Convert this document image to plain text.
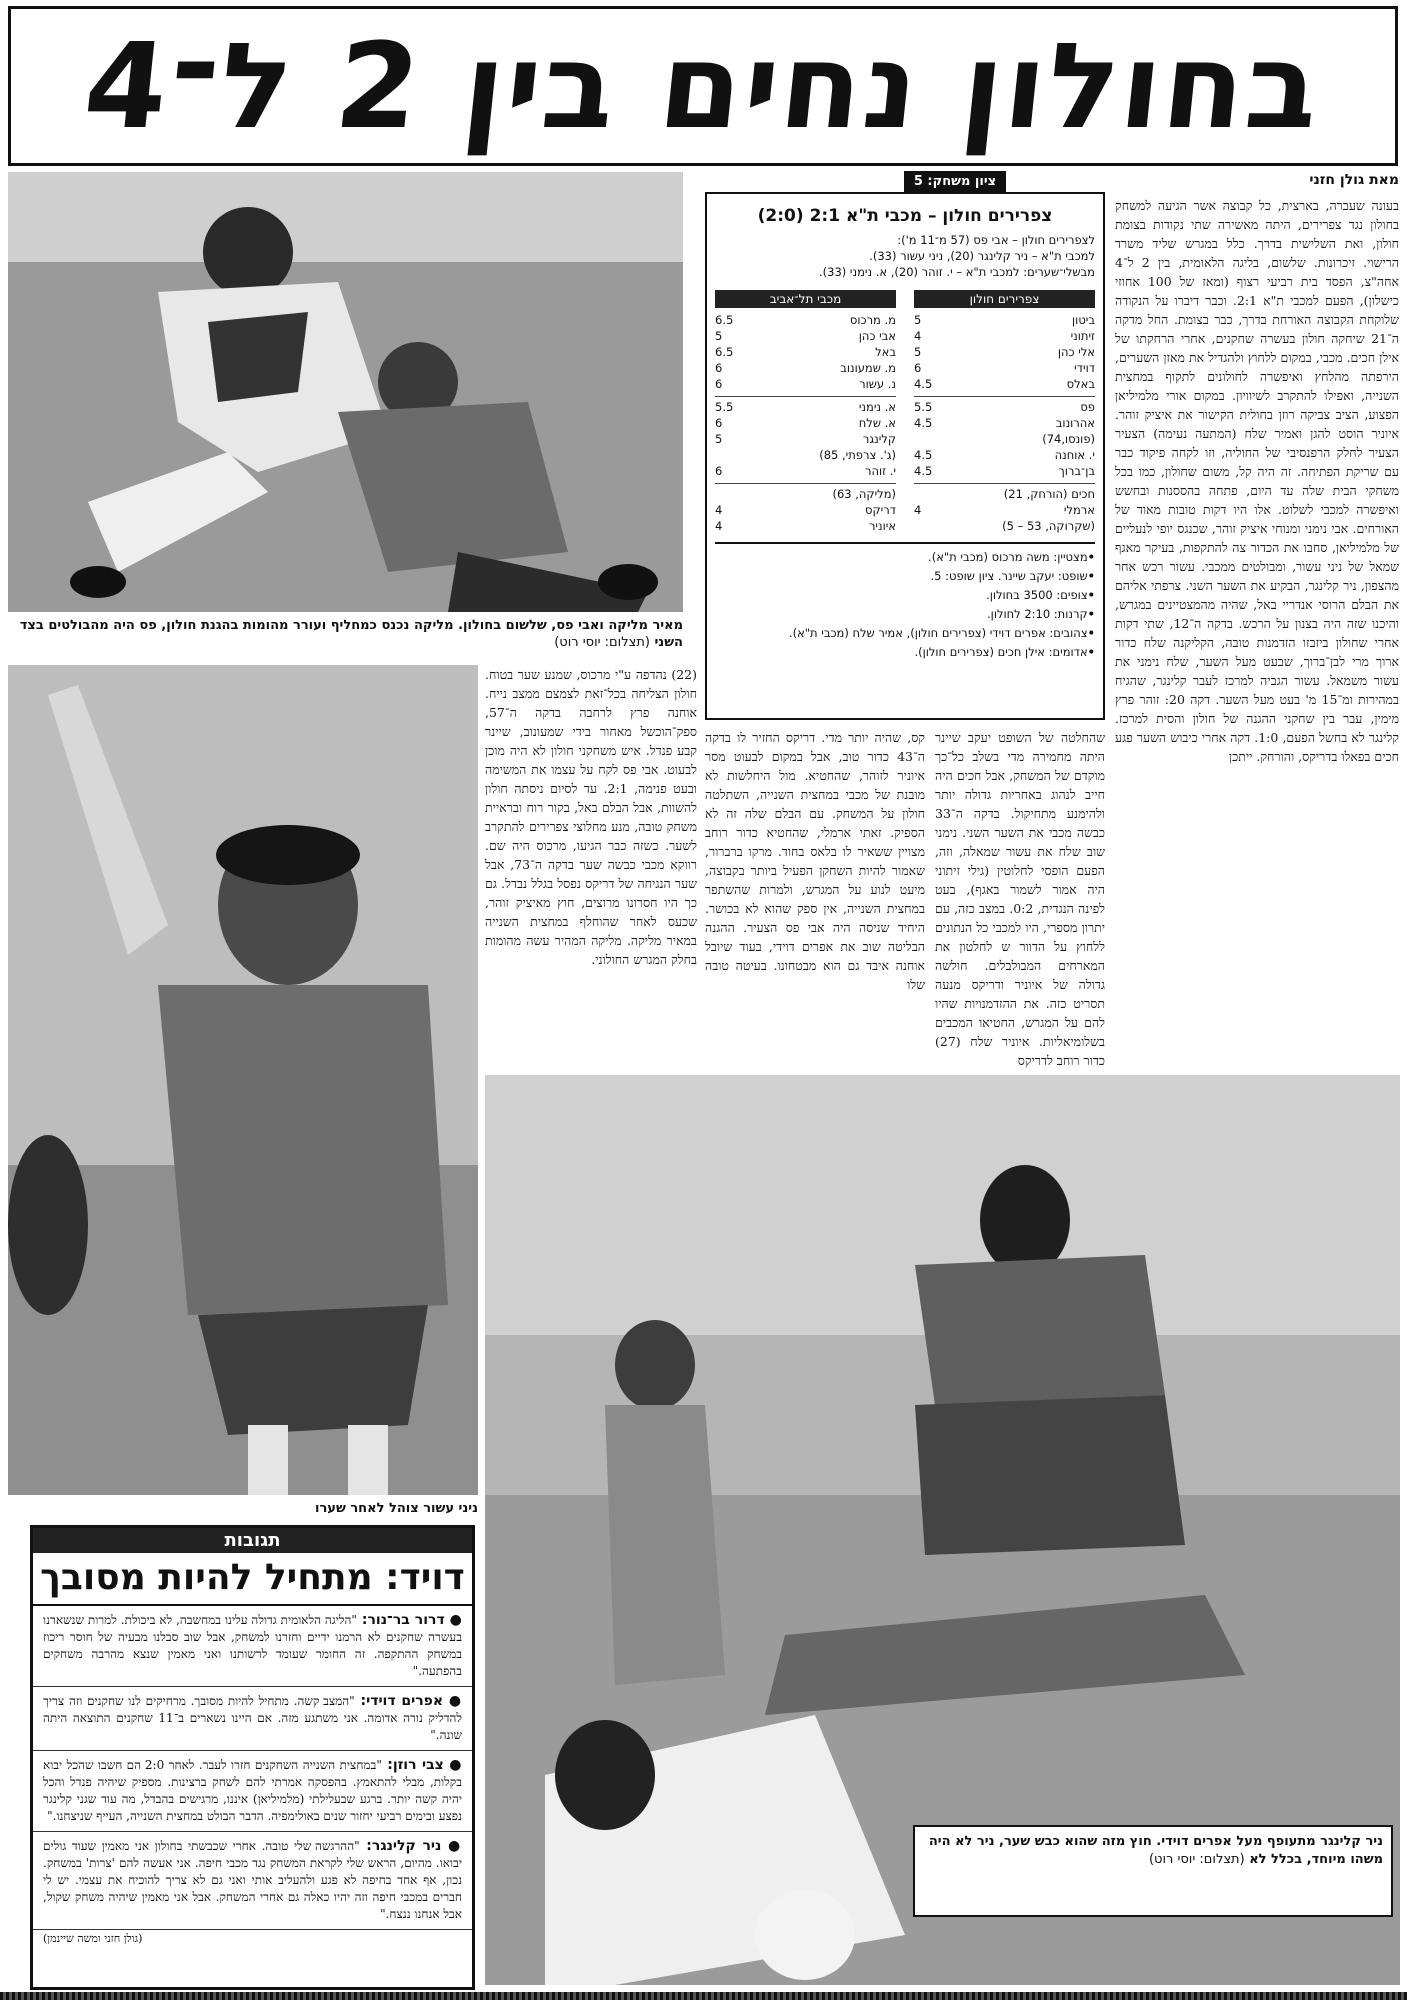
בחולון נחים בין 2 ל־4
מאיר מליקה ואבי פס, שלשום בחולון. מליקה נכנס כמחליף ועורר מהומות בהגנת חולון, פס היה מהבולטים בצד השני (תצלום: יוסי רוט)
ציון משחק: 5
צפרירים חולון – מכבי ת"א 2:1 (2:0)
לצפרירים חולון – אבי פס (57 מ־11 מ'):
למכבי ת"א – ניר קלינגר (20), ניני עשור (33).
מבשלי־שערים: למכבי ת"א – י. זוהר (20), א. נימני (33).
צפרירים חולון
ביטון
5
זיתוני
4
אלי כהן
5
דוידי
6
באלס
4.5
פס
5.5
אהרונוב
4.5
(פונסו,74)
י. אוחנה
4.5
בן־ברוך
4.5
חכים (הורחק, 21)
ארמלי
4
(שקרוקה, 53 – 5)
מכבי תל־אביב
מ. מרכוס
6.5
אבי כהן
5
באל
6.5
מ. שמעונוב
6
נ. עשור
6
א. נימני
5.5
א. שלח
6
קלינגר
5
(ג'. צרפתי, 85)
י. זוהר
6
(מליקה, 63)
דריקס
4
איוניר
4
• מצטיין: משה מרכוס (מכבי ת"א).
• שופט: יעקב שיינר. ציון שופט: 5.
• צופים: 3500 בחולון.
• קרנות: 2:10 לחולון.
• צהובים: אפרים דוידי (צפרירים חולון), אמיר שלח (מכבי ת"א).
• אדומים: אילן חכים (צפרירים חולון).
מאת גולן חזני

בעונה שעברה, בארצית, כל קבוצה אשר הגיעה למשחק בחולון נגד צפרירים, היתה מאשירה שתי נקודות בצומת חולון, ואת השלישית בדרך. כלל במגרש שליד משרד הרישוי. זיכרונות. שלשום, בליגה הלאומית, בין 2 ל־4 אחה"צ, הפסד בית רביעי רצוף (ומאז של 100 אחוזי כישלון), הפעם למכבי ת"א 2:1. וכבר דיברו על הנקודה שלוקחת הקבוצה האורחת בדרך, כבר בצומת. החל מדקה ה־21 שיחקה חולון בעשרה שחקנים, אחרי הרחקתו של אילן חכים. מכבי, במקום ללחוץ ולהגדיל את מאזן השערים, הירפתה מהלחץ ואיפשרה לחולונים לתקוף במחצית השנייה, ואפילו להתקרב לשיוויון. במקום אורי מלמיליאן הפצוע, הציב צביקה רוזן בחולית הקישור את איציק זוהר. איוניר הוסט להגן ואמיר שלח (המתעה נעימה) הצעיר הצעיר לחלק הרפנסיבי של החוליה, וזו לקחה פיקוד כבר עם שריקת הפתיחה. זה היה קל, משום שחולון, כמו בכל משחקי הבית שלה עד היום, פתחה בהססנות ובחשש ואיפשרה למכבי לשלוט. אלו היו דקות טובות מאוד של האורחים. אבי נימני ומנוחי איציק זוהר, שכנגס יופי לנעליים של מלמיליאן, סחבו את הכדור צה להתקפות, בעיקר מאגף שמאל של ניני עשור, ומבולטים ממכבי. עשור רכש אחר מהצפון, ניר קלינגר, הבקיע את השער השני. צרפתי אליהם את הבלם הרוסי אנדריי באל, שהיה מהמצטיינים במגרש, והיכנו שזה היה בצנון על הרכש. בדקה ה־12, שתי דקות אחרי שחולון ביזבזו הזדמנות טובה, הקליקנה שלח כדור ארוך מרי לבן־ברוך, שבעט מעל השער, שלח נימני את עשור משמאל. עשור הגביה למרכז לעבר קלינגר, שהגיח במהירות ומ־15 מ' בעט מעל השער. דקה 20: זוהר פרץ מימין, עבר בין שחקני ההגנה של חולון והסית למרכז. קלינגר לא בחשל הפעם, 1:0. דקה אחרי כיבוש השער פגע חכים בפאלו בדריקס, והורחק. ייתכן

שהחלטה של השופט יעקב שיינר היתה מחמירה מדי בשלב כל־כך מוקדם של המשחק, אבל חכים היה חייב לנהוג באחריות גדולה יותר ולהימנע מתחיקול. בדקה ה־33 כבשה מכבי את השער השני. נימני שוב שלח את עשור שמאלה, וזה, הפעם הופסי לחלוטין (גילי זיתוני היה אמור לשמור באגף), בעט לפינה הנגדית, 0:2. במצב כזה, עם יתרון מספרי, היו למכבי כל הנתונים ללחוץ על הדוור ש לחלטון את המארחים המבולבלים. חולשה גדולה של איוניר ודריקס מנעה תסריט כזה. את ההזדמנויות שהיו להם על המגרש, החטיאו המכבים בשלומיאליות. איוניר שלח (27) כדור רוחב לדריקס

קס, שהיה יותר מדי. דריקס החזיר לו בדקה ה־43 כדור טוב, אבל במקום לבעוט מסר איוניר לזוהר, שהחטיא. מול היחלשות לא מובנת של מכבי במחצית השנייה, השתלטה חולון על המשחק. עם הבלם שלה זה לא הספיק. זאתי ארמלי, שהחטיא כדור רוחב מצויין ששאיר לו בלאס בחוד. מרקו ברברור, שאמור להיות השחקן הפעיל ביותר בקבוצה, מיעט לנוע על המגרש, ולמרות שהשתפר במחצית השנייה, אין ספק שהוא לא בכושר. היחיד שניסה היה אבי פס הצעיר. ההגנה הבליטה שוב את אפרים דוידי, בעוד שיובל אוחנה איבד גם הוא מבטחונו. בעיטה טובה שלו

(22) נהדפה ע"י מרכוס, שמנע שער בטוח. חולון הצליחה בכל־זאת לצמצם ממצב נייח. אוחנה פרץ לרחבה בדקה ה־57, ספק־הוכשל מאחור בידי שמעונוב, שיינר קבע פנדל. איש משחקני חולון לא היה מוכן לבעוט. אבי פס לקח על עצמו את המשימה ובעט פנימה, 2:1. עד לסיום ניסתה חולון להשוות, אבל הבלם באל, בקור רוח ובראיית משחק טובה, מנע מחלוצי צפרירים להתקרב לשער. כשזה כבר הגיעו, מרכוס היה שם. רווקא מכבי כבשה שער בדקה ה־73, אבל שער הנגיחה של דריקס נפסל בגלל נבדל. גם כך היו חסרונו מרוצים, חוץ מאיציק זוהר, שכעס לאחר שהוחלף במחצית השנייה במאיר מליקה. מליקה המהיר עשה מהומות בחלק המגרש החולוני.

ניני עשור צוהל לאחר שערו
ניר קלינגר מתעופף מעל אפרים דוידי. חוץ מזה שהוא כבש שער, ניר לא היה משהו מיוחד, בכלל לא (תצלום: יוסי רוט)
תגובות
דויד: מתחיל להיות מסובך
● דרור בר־נור: "הליגה הלאומית גדולה עלינו במחשבה, לא ביכולת. למרות שנשארנו בעשרה שחקנים לא הרמנו ידיים וחזרנו למשחק, אבל שוב סבלנו מבעיה של חוסר ריכוז במשחק ההתקפה. זה החומר שעומד לרשותנו ואני מאמין שנצא מהרבה משחקים בהפתעה."
● אפרים דוידי: "המצב קשה. מתחיל להיות מסובך. מרחיקים לנו שחקנים וזה צריך להדליק נורה אדומה. אני משתגע מזה. אם היינו נשארים ב־11 שחקנים התוצאה היתה שונה."
● צבי רוזן: "במחצית השנייה השחקנים חזרו לעבר. לאחר 2:0 הם חשבו שהכל יבוא בקלות, מבלי להתאמץ. בהפסקה אמרתי להם לשחק ברצינות. מספיק שיהיה פנדל והכל יהיה קשה יותר. ברגע שבעלילתי (מלמיליאן) איננו, מרגישים בהבדל, מה עוד שגני קלינגר נפצע ובימים רביעי יחזור שנים באולימפיה. הדבר הבולט במחצית השנייה, העייף שניצחנו."
● ניר קלינגר: "ההרגשה שלי טובה. אחרי שכבשתי בחולון אני מאמין שעוד גולים יבואו. מהיום, הראש שלי לקראת המשחק נגד מכבי חיפה. אני אעשה להם 'צרות' במשחק. נכון, אף אחד בחיפה לא פגע ולהעליב אותי ואני גם לא צריך להוכיח את עצמי. יש לי חברים במכבי חיפה וזה יהיו כאלה גם אחרי המשחק. אבל אני מאמין שיהיה משחק שקול, אבל אנחנו ננצח."
(גולן חזני ומשה שיינמן)
